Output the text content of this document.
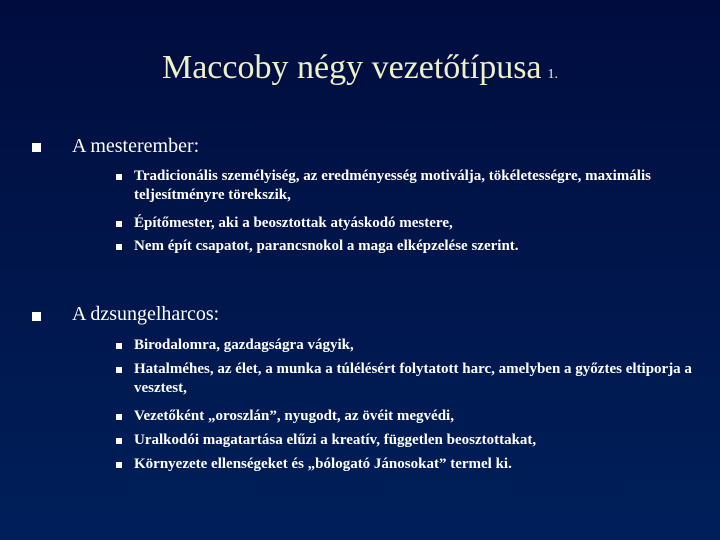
Maccoby négy vezetőtípusa 1.
A mesterember:
Tradicionális személyiség, az eredményesség motiválja, tökéletességre, maximális teljesítményre törekszik,
Építőmester, aki a beosztottak atyáskodó mestere,
Nem épít csapatot, parancsnokol a maga elképzelése szerint.
A dzsungelharcos:
Birodalomra, gazdagságra vágyik,
Hatalméhes, az élet, a munka a túlélésért folytatott harc, amelyben a győztes eltiporja a vesztest,
Vezetőként „oroszlán”, nyugodt, az övéit megvédi,
Uralkodói magatartása elűzi a kreatív, független beosztottakat,
Környezete ellenségeket és „bólogató Jánosokat” termel ki.
